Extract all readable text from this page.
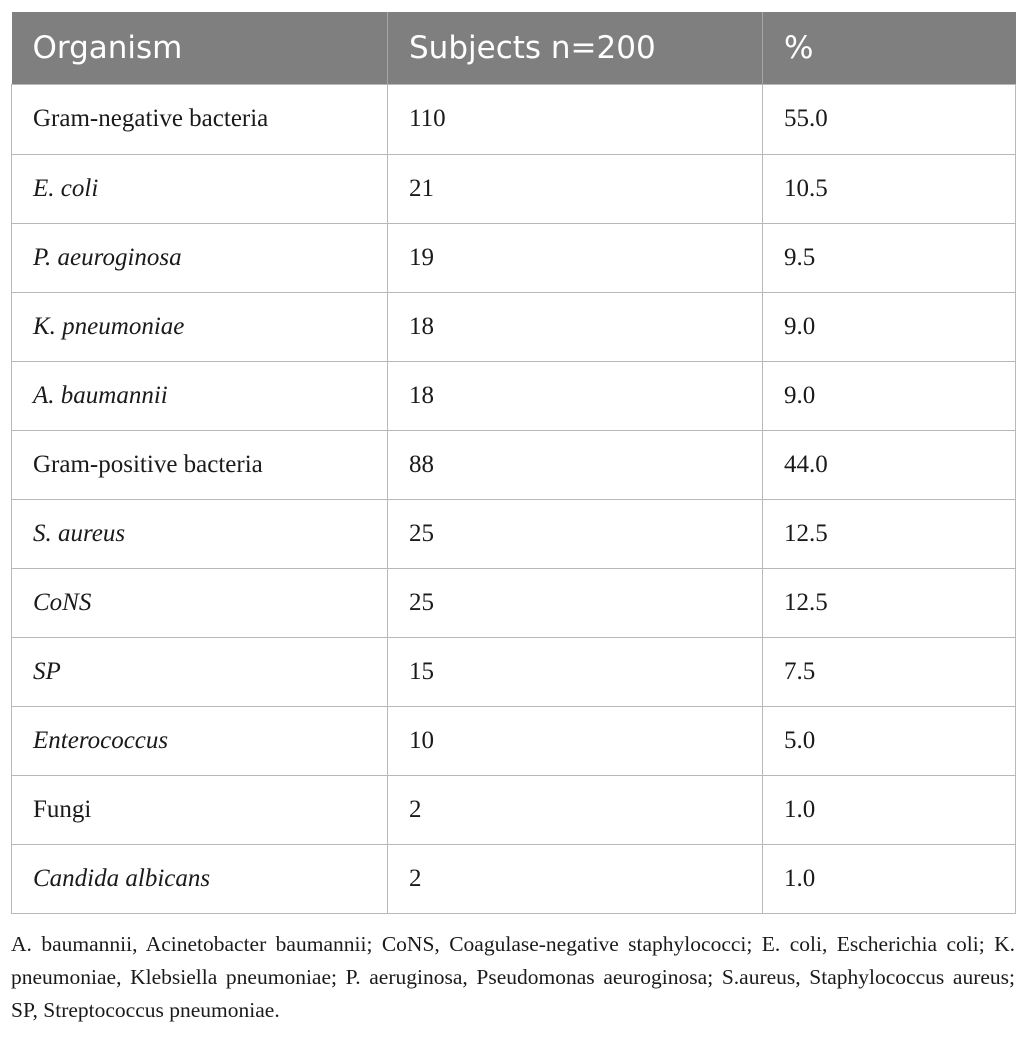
Organism	Subjects n=200	%
Gram-negative bacteria	110	55.0
E. coli	21	10.5
P. aeuroginosa	19	9.5
K. pneumoniae	18	9.0
A. baumannii	18	9.0
Gram-positive bacteria	88	44.0
S. aureus	25	12.5
CoNS	25	12.5
SP	15	7.5
Enterococcus	10	5.0
Fungi	2	1.0
Candida albicans	2	1.0
A. baumannii, Acinetobacter baumannii; CoNS, Coagulase-negative staphylococci; E. coli, Escherichia coli; K. pneumoniae, Klebsiella pneumoniae; P. aeruginosa, Pseudomonas aeuroginosa; S.aureus, Staphylococcus aureus; SP, Streptococcus pneumoniae.
